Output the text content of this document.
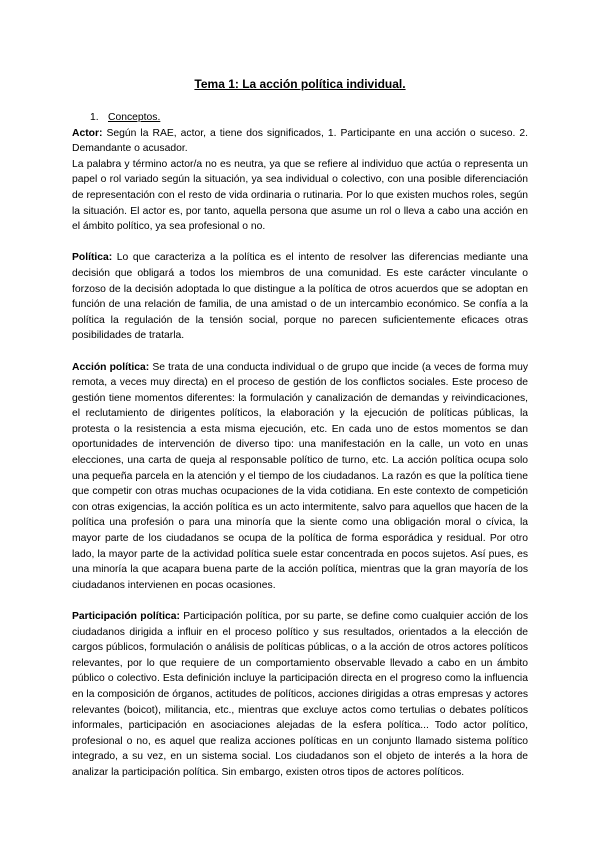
Tema 1: La acción política individual.
1. Conceptos.

Actor: Según la RAE, actor, a tiene dos significados, 1. Participante en una acción o suceso. 2. Demandante o acusador.

La palabra y término actor/a no es neutra, ya que se refiere al individuo que actúa o representa un papel o rol variado según la situación, ya sea individual o colectivo, con una posible diferenciación de representación con el resto de vida ordinaria o rutinaria. Por lo que existen muchos roles, según la situación. El actor es, por tanto, aquella persona que asume un rol o lleva a cabo una acción en el ámbito político, ya sea profesional o no.

Política: Lo que caracteriza a la política es el intento de resolver las diferencias mediante una decisión que obligará a todos los miembros de una comunidad. Es este carácter vinculante o forzoso de la decisión adoptada lo que distingue a la política de otros acuerdos que se adoptan en función de una relación de familia, de una amistad o de un intercambio económico. Se confía a la política la regulación de la tensión social, porque no parecen suficientemente eficaces otras posibilidades de tratarla.

Acción política: Se trata de una conducta individual o de grupo que incide (a veces de forma muy remota, a veces muy directa) en el proceso de gestión de los conflictos sociales. Este proceso de gestión tiene momentos diferentes: la formulación y canalización de demandas y reivindicaciones, el reclutamiento de dirigentes políticos, la elaboración y la ejecución de políticas públicas, la protesta o la resistencia a esta misma ejecución, etc. En cada uno de estos momentos se dan oportunidades de intervención de diverso tipo: una manifestación en la calle, un voto en unas elecciones, una carta de queja al responsable político de turno, etc. La acción política ocupa solo una pequeña parcela en la atención y el tiempo de los ciudadanos. La razón es que la política tiene que competir con otras muchas ocupaciones de la vida cotidiana. En este contexto de competición con otras exigencias, la acción política es un acto intermitente, salvo para aquellos que hacen de la política una profesión o para una minoría que la siente como una obligación moral o cívica, la mayor parte de los ciudadanos se ocupa de la política de forma esporádica y residual. Por otro lado, la mayor parte de la actividad política suele estar concentrada en pocos sujetos. Así pues, es una minoría la que acapara buena parte de la acción política, mientras que la gran mayoría de los ciudadanos intervienen en pocas ocasiones.

Participación política: Participación política, por su parte, se define como cualquier acción de los ciudadanos dirigida a influir en el proceso político y sus resultados, orientados a la elección de cargos públicos, formulación o análisis de políticas públicas, o a la acción de otros actores políticos relevantes, por lo que requiere de un comportamiento observable llevado a cabo en un ámbito público o colectivo. Esta definición incluye la participación directa en el progreso como la influencia en la composición de órganos, actitudes de políticos, acciones dirigidas a otras empresas y actores relevantes (boicot), militancia, etc., mientras que excluye actos como tertulias o debates políticos informales, participación en asociaciones alejadas de la esfera política... Todo actor político, profesional o no, es aquel que realiza acciones políticas en un conjunto llamado sistema político integrado, a su vez, en un sistema social. Los ciudadanos son el objeto de interés a la hora de analizar la participación política. Sin embargo, existen otros tipos de actores políticos.
